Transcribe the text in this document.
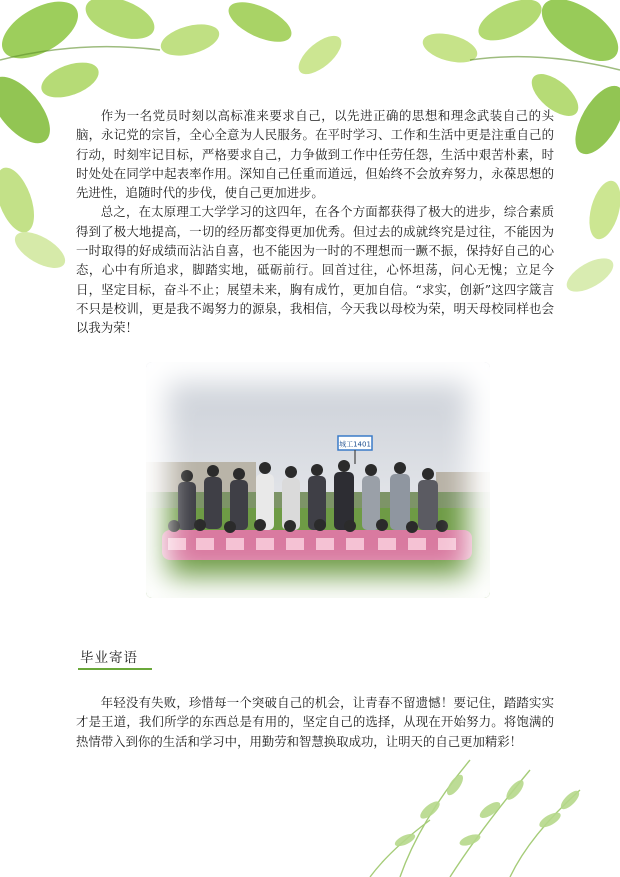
作为一名党员时刻以高标准来要求自己，以先进正确的思想和理念武装自己的头脑，永记党的宗旨，全心全意为人民服务。在平时学习、工作和生活中更是注重自己的行动，时刻牢记目标，严格要求自己，力争做到工作中任劳任怨，生活中艰苦朴素，时时处处在同学中起表率作用。深知自己任重而道远，但始终不会放弃努力，永葆思想的先进性，追随时代的步伐，使自己更加进步。

总之，在太原理工大学学习的这四年，在各个方面都获得了极大的进步，综合素质得到了极大地提高，一切的经历都变得更加优秀。但过去的成就终究是过往，不能因为一时取得的好成绩而沾沾自喜，也不能因为一时的不理想而一蹶不振，保持好自己的心态，心中有所追求，脚踏实地，砥砺前行。回首过往，心怀坦荡，问心无愧；立足今日，坚定目标，奋斗不止；展望未来，胸有成竹，更加自信。“求实，创新”这四字箴言不只是校训，更是我不竭努力的源泉，我相信，今天我以母校为荣，明天母校同样也会以我为荣！

城工1401
毕业寄语

年轻没有失败，珍惜每一个突破自己的机会，让青春不留遗憾！要记住，踏踏实实才是王道，我们所学的东西总是有用的，坚定自己的选择，从现在开始努力。将饱满的热情带入到你的生活和学习中，用勤劳和智慧换取成功，让明天的自己更加精彩！
